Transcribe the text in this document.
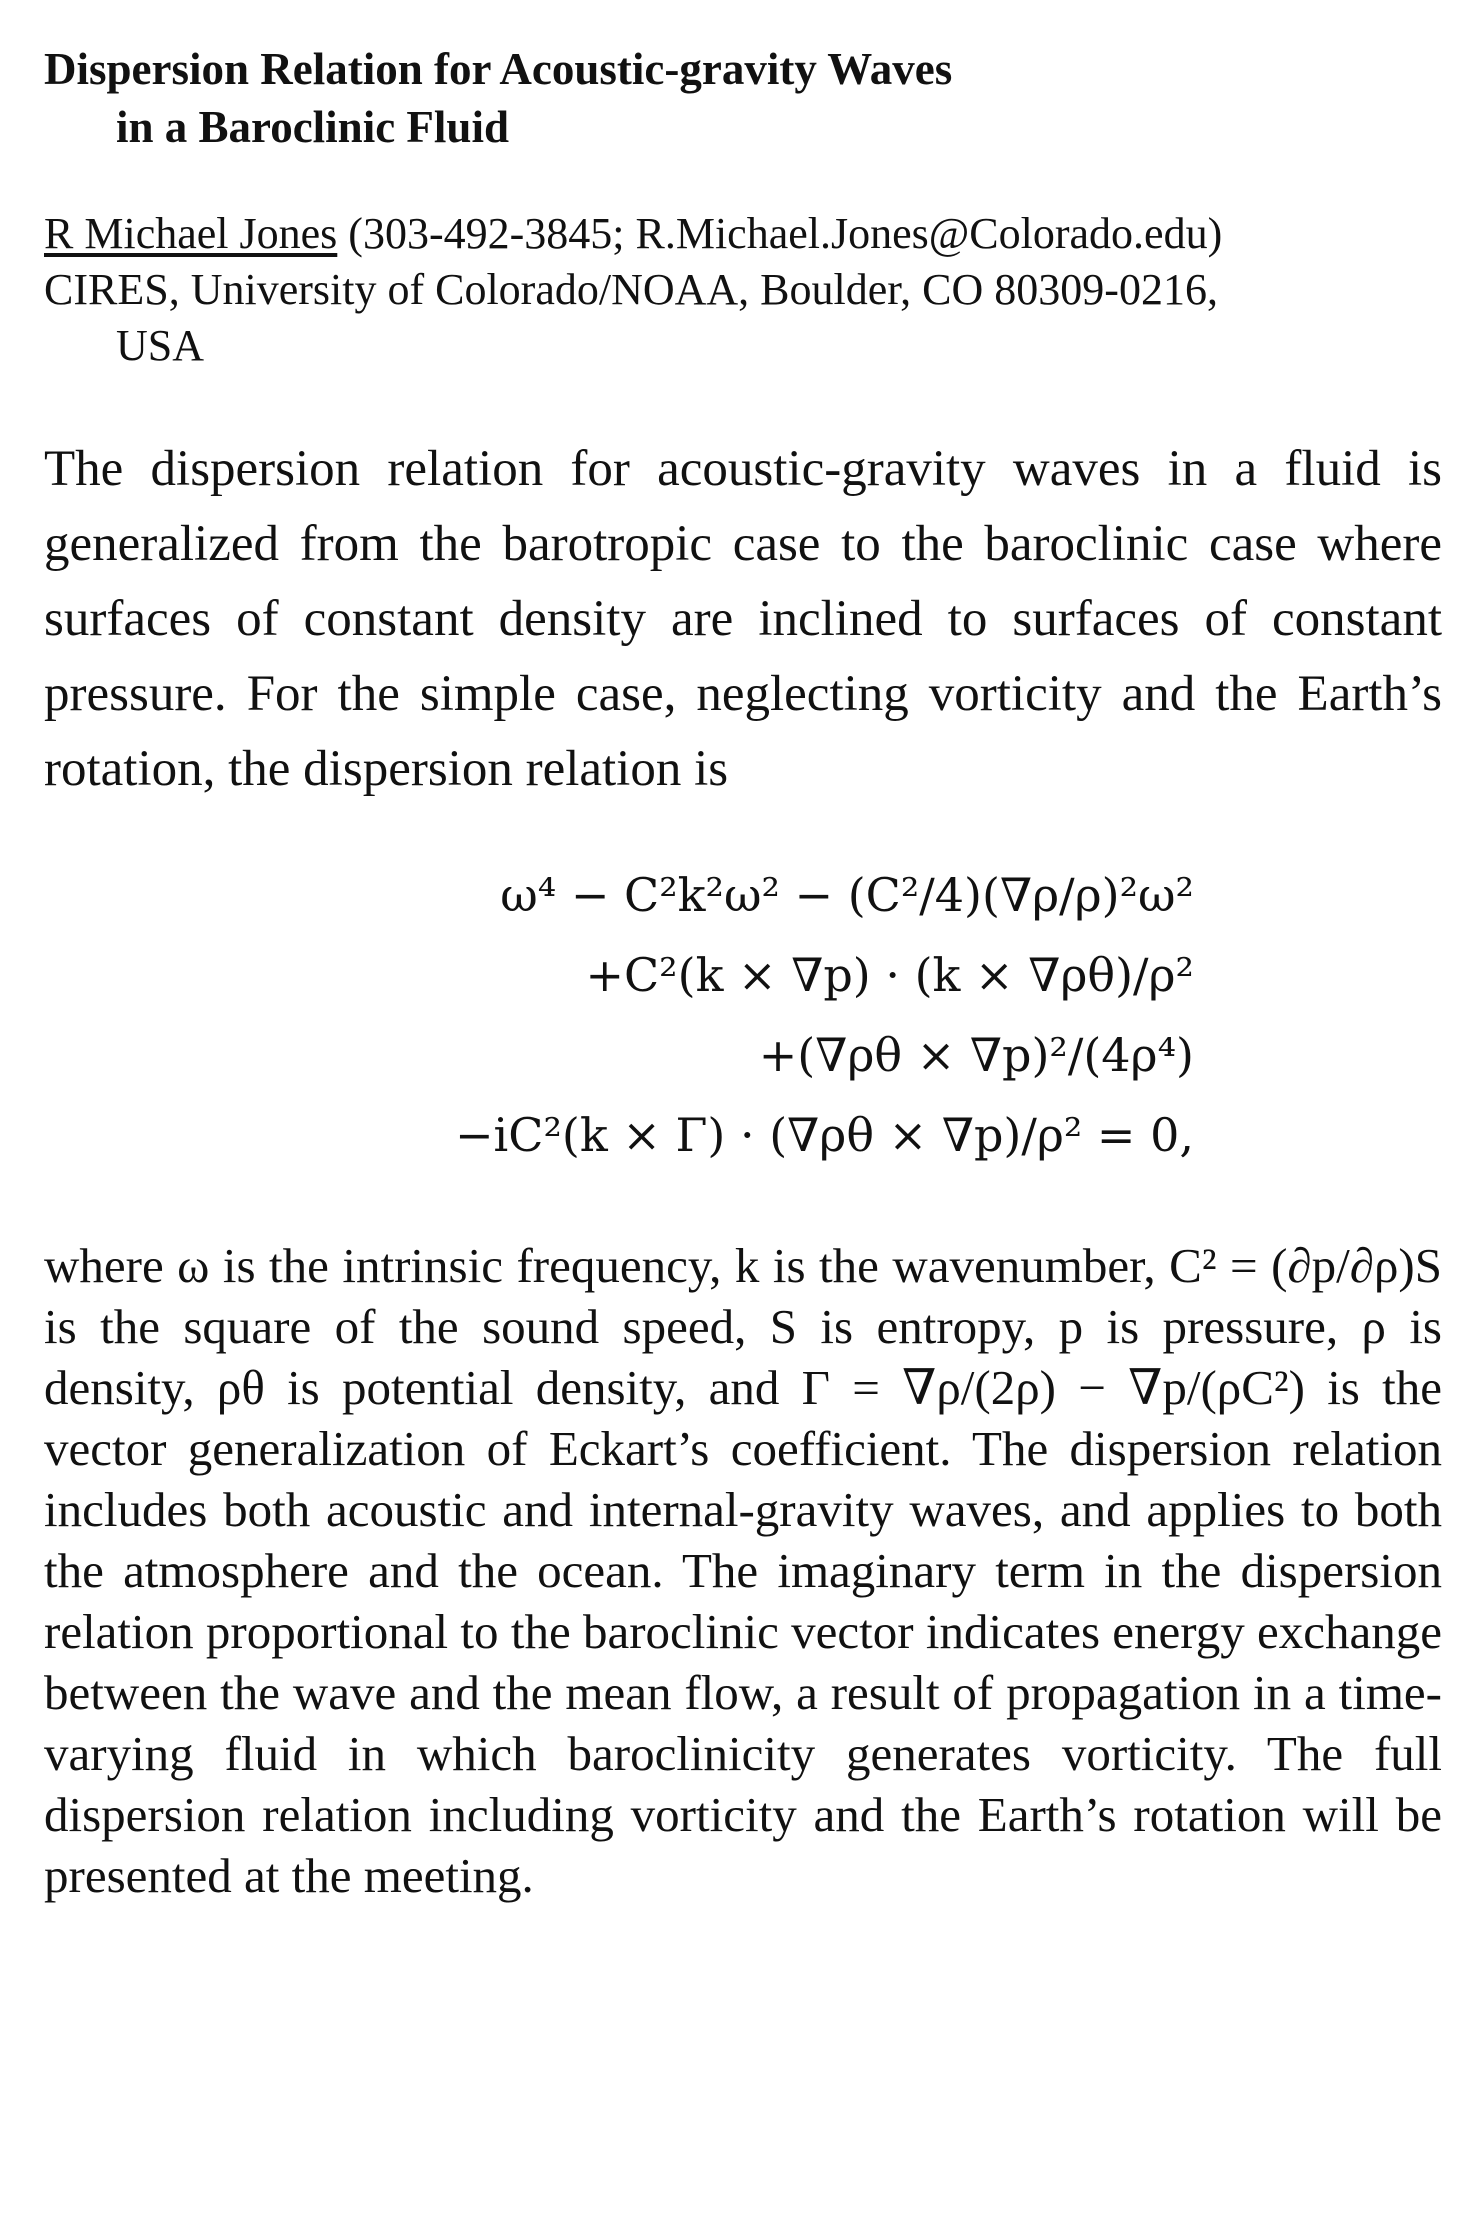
Dispersion Relation for Acoustic-gravity Waves
in a Baroclinic Fluid
R Michael Jones (303-492-3845; R.Michael.Jones@Colorado.edu)
CIRES, University of Colorado/NOAA, Boulder, CO 80309-0216,
USA

The dispersion relation for acoustic-gravity waves in a fluid is generalized from the barotropic case to the baroclinic case where surfaces of constant density are inclined to surfaces of constant pressure. For the simple case, neglecting vorticity and the Earth’s rotation, the dispersion relation is

ω⁴ − C²k²ω² − (C²/4)(∇ρ/ρ)²ω²
+C²(k × ∇p) · (k × ∇ρθ)/ρ²
+(∇ρθ × ∇p)²/(4ρ⁴)
−iC²(k × Γ) · (∇ρθ × ∇p)/ρ² = 0,

where ω is the intrinsic frequency, k is the wavenumber, C² = (∂p/∂ρ)S is the square of the sound speed, S is entropy, p is pressure, ρ is density, ρθ is potential density, and Γ = ∇ρ/(2ρ) − ∇p/(ρC²) is the vector generalization of Eckart’s coefficient. The dispersion relation includes both acoustic and internal-gravity waves, and applies to both the atmosphere and the ocean. The imaginary term in the dispersion relation proportional to the baroclinic vector indicates energy exchange between the wave and the mean flow, a result of propagation in a time-varying fluid in which baroclinicity generates vorticity. The full dispersion relation including vorticity and the Earth’s rotation will be presented at the meeting.
